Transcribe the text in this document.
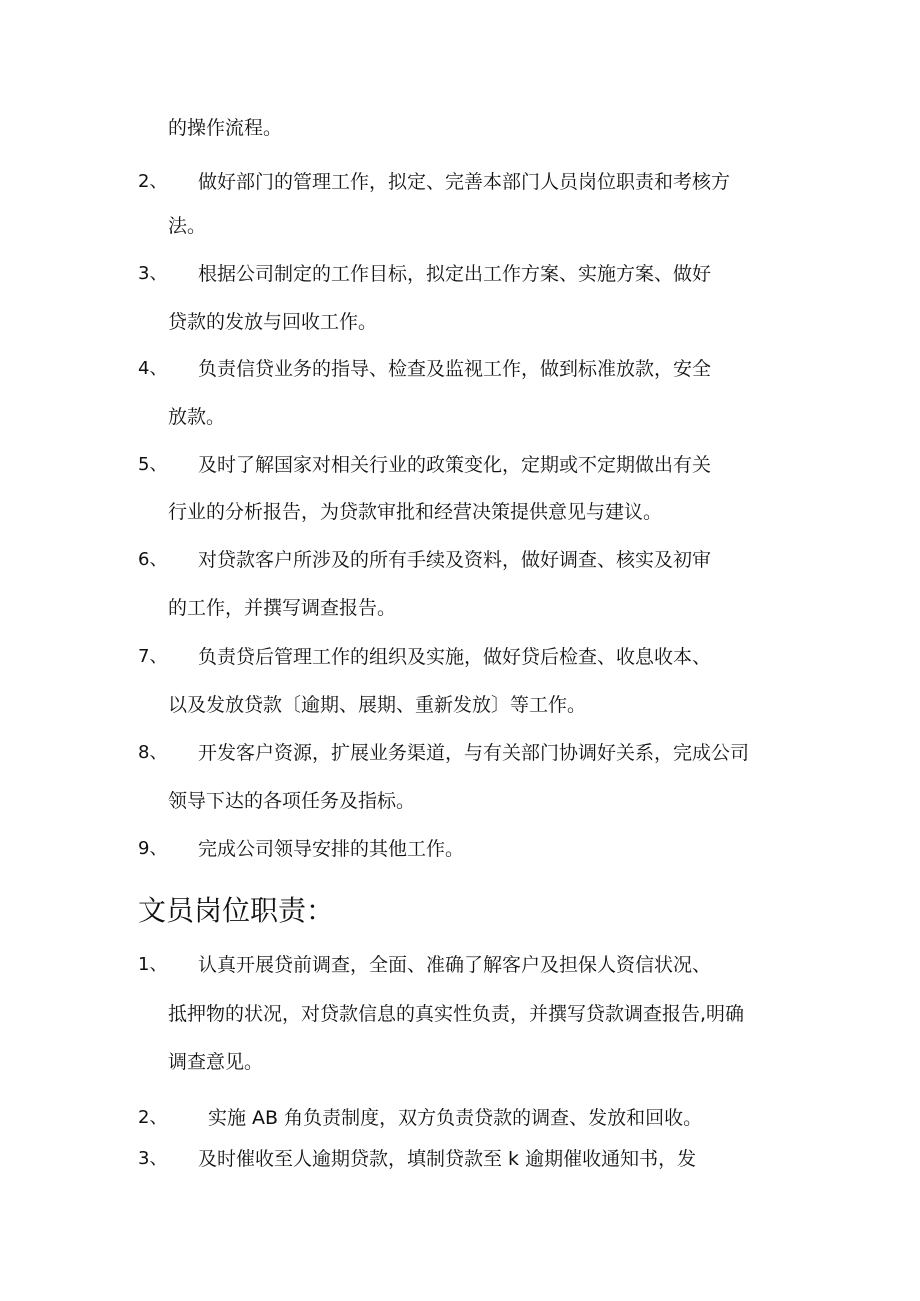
的操作流程。
2、 做好部门的管理工作，拟定、完善本部门人员岗位职责和考核方
法。
3、 根据公司制定的工作目标，拟定出工作方案、实施方案、做好
贷款的发放与回收工作。
4、 负责信贷业务的指导、检查及监视工作，做到标准放款，安全
放款。
5、 及时了解国家对相关行业的政策变化，定期或不定期做出有关
行业的分析报告，为贷款审批和经营决策提供意见与建议。
6、 对贷款客户所涉及的所有手续及资料，做好调查、核实及初审
的工作，并撰写调查报告。
7、 负责贷后管理工作的组织及实施，做好贷后检查、收息收本、
以及发放贷款〔逾期、展期、重新发放〕等工作。
8、 开发客户资源，扩展业务渠道，与有关部门协调好关系，完成公司
领导下达的各项任务及指标。
9、 完成公司领导安排的其他工作。
文员岗位职责：
1、 认真开展贷前调查，全面、准确了解客户及担保人资信状况、
抵押物的状况，对贷款信息的真实性负责，并撰写贷款调查报告,明确
调查意见。
2、 实施 AB 角负责制度，双方负责贷款的调查、发放和回收。
3、 及时催收至人逾期贷款，填制贷款至 k 逾期催收通知书，发
